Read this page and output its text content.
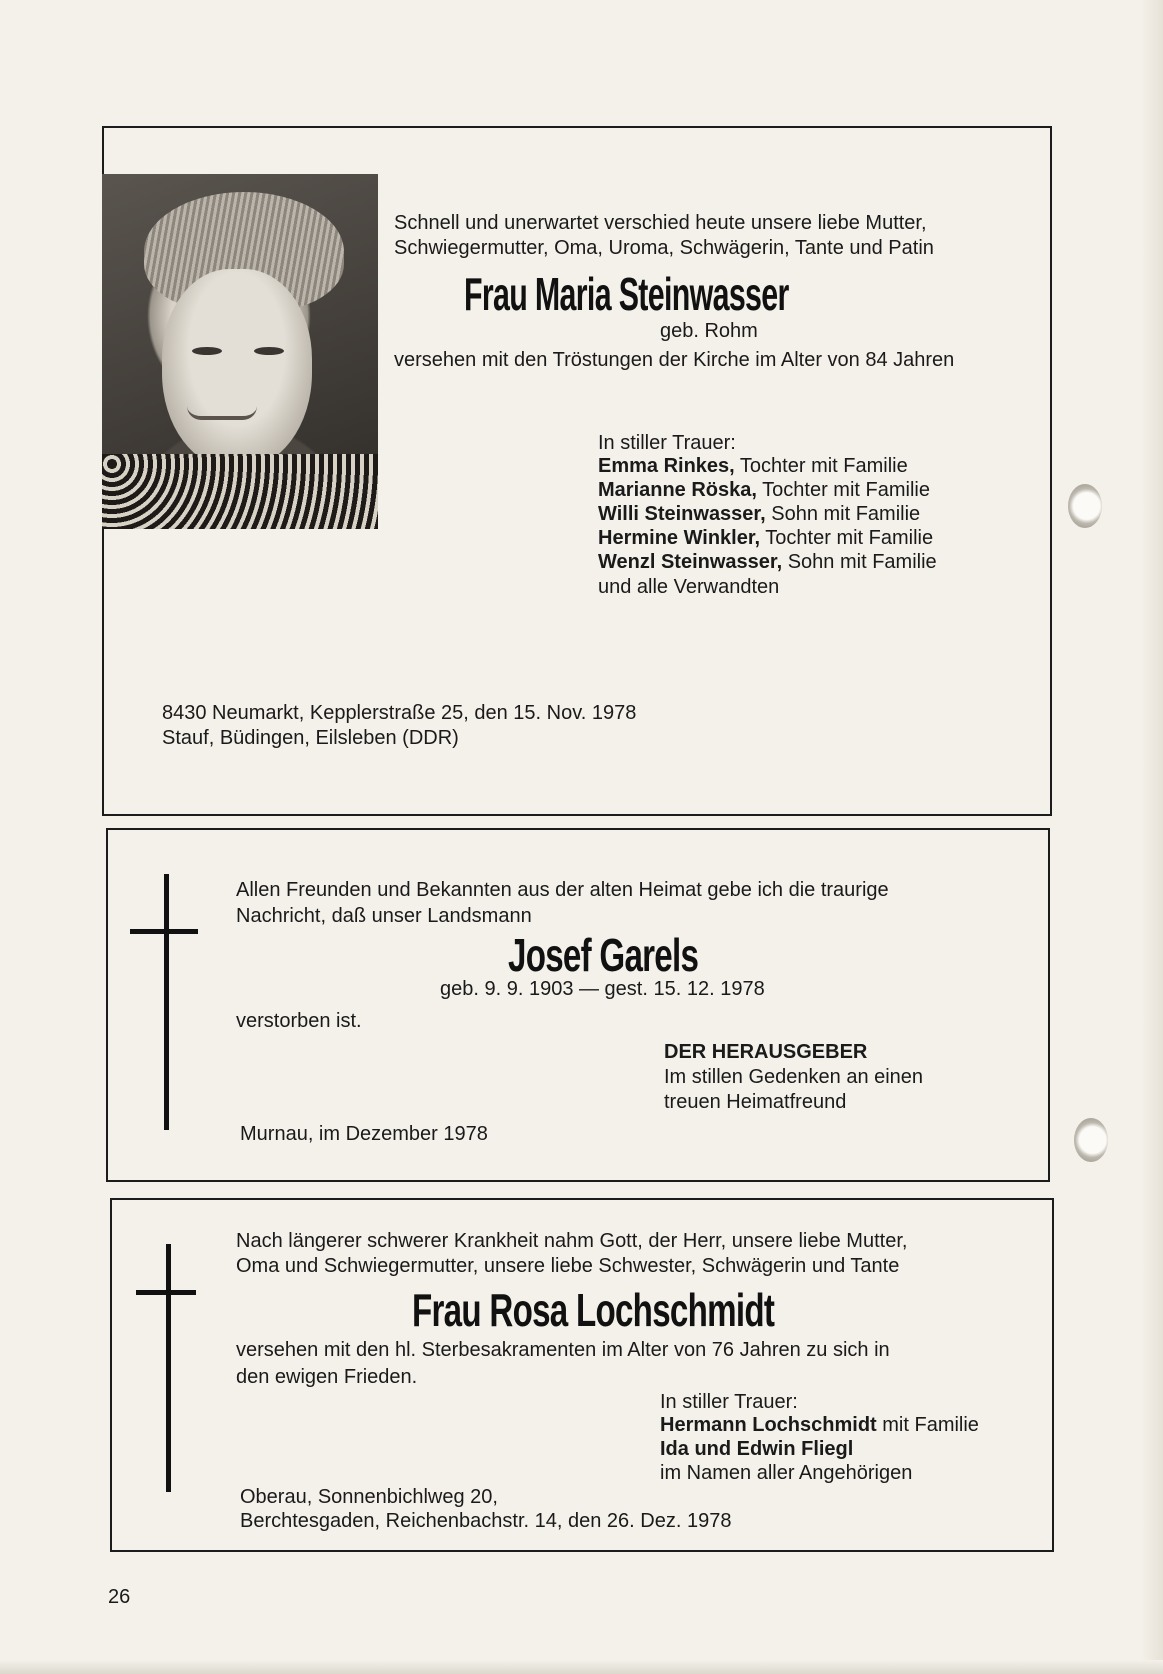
Schnell und unerwartet verschied heute unsere liebe Mutter,
Schwiegermutter, Oma, Uroma, Schwägerin, Tante und Patin
Frau Maria Steinwasser
geb. Rohm
versehen mit den Tröstungen der Kirche im Alter von 84 Jahren
In stiller Trauer:
Emma Rinkes, Tochter mit Familie
Marianne Röska, Tochter mit Familie
Willi Steinwasser, Sohn mit Familie
Hermine Winkler, Tochter mit Familie
Wenzl Steinwasser, Sohn mit Familie
und alle Verwandten
8430 Neumarkt, Kepplerstraße 25, den 15. Nov. 1978
Stauf, Büdingen, Eilsleben (DDR)
Allen Freunden und Bekannten aus der alten Heimat gebe ich die traurige
Nachricht, daß unser Landsmann
Josef Garels
geb. 9. 9. 1903 — gest. 15. 12. 1978
verstorben ist.
DER HERAUSGEBER
Im stillen Gedenken an einen
treuen Heimatfreund
Murnau, im Dezember 1978
Nach längerer schwerer Krankheit nahm Gott, der Herr, unsere liebe Mutter,
Oma und Schwiegermutter, unsere liebe Schwester, Schwägerin und Tante
Frau Rosa Lochschmidt
versehen mit den hl. Sterbesakramenten im Alter von 76 Jahren zu sich in
den ewigen Frieden.
In stiller Trauer:
Hermann Lochschmidt mit Familie
Ida und Edwin Fliegl
im Namen aller Angehörigen
Oberau, Sonnenbichlweg 20,
Berchtesgaden, Reichenbachstr. 14, den 26. Dez. 1978
26
